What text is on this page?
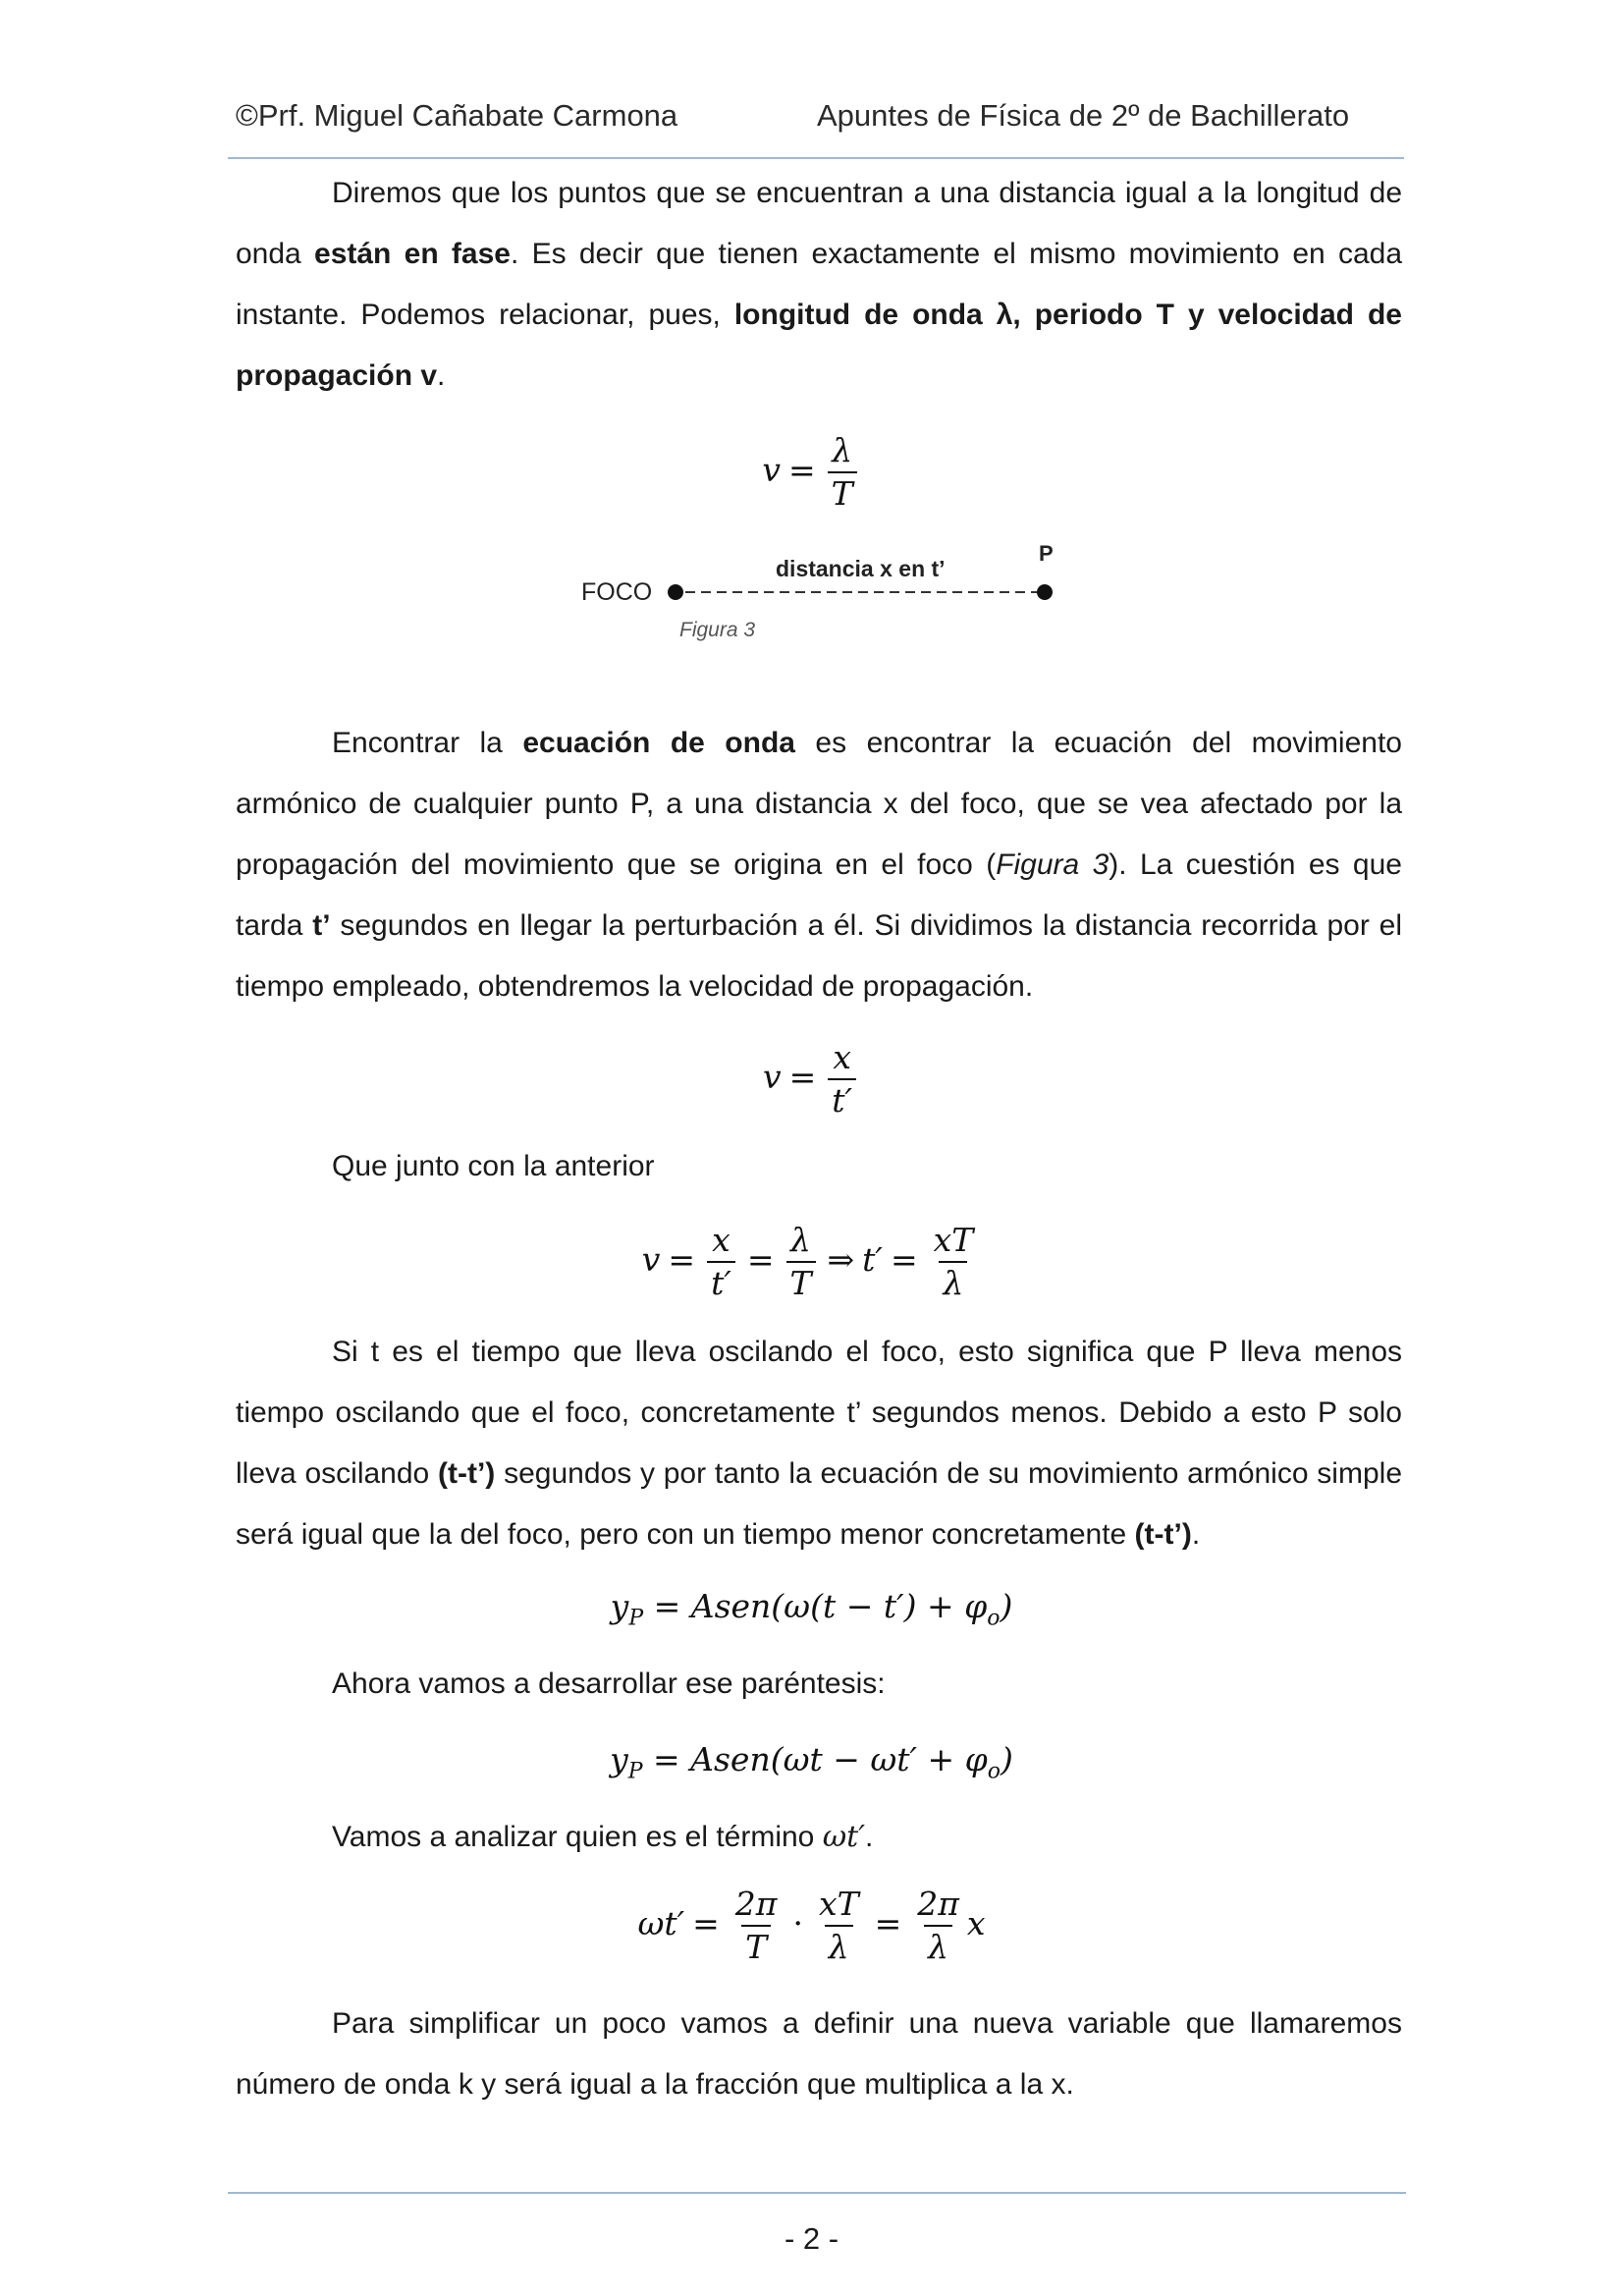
©Prf. Miguel Cañabate Carmona	Apuntes de Física de 2º de Bachillerato
Diremos que los puntos que se encuentran a una distancia igual a la longitud de onda están en fase. Es decir que tienen exactamente el mismo movimiento en cada instante. Podemos relacionar, pues, longitud de onda λ, periodo T y velocidad de propagación v.
$v = \frac{\lambda}{T}$
FOCO
P
distancia x en t’
Figura 3
Encontrar la ecuación de onda es encontrar la ecuación del movimiento armónico de cualquier punto P, a una distancia x del foco, que se vea afectado por la propagación del movimiento que se origina en el foco (Figura 3). La cuestión es que tarda t’ segundos en llegar la perturbación a él. Si dividimos la distancia recorrida por el tiempo empleado, obtendremos la velocidad de propagación.
$v = \frac{x}{t'}$
Que junto con la anterior
$v = \frac{x}{t'} = \frac{\lambda}{T}$ ⇒ $t' = \frac{xT}{\lambda}$
Si t es el tiempo que lleva oscilando el foco, esto significa que P lleva menos tiempo oscilando que el foco, concretamente t’ segundos menos. Debido a esto P solo lleva oscilando (t-t’) segundos y por tanto la ecuación de su movimiento armónico simple será igual que la del foco, pero con un tiempo menor concretamente (t-t’).
$y_P$ = Asen(ω(t − $t') + \varphi_o$)
Ahora vamos a desarrollar ese paréntesis:
$y_P$ = Asen(ωt − $\omega t' + \varphi_o$)
Vamos a analizar quien es el término ωt′.
$\omega t' = \frac{2\pi}{T} \cdot \frac{xT}{\lambda} = \frac{2\pi}{\lambda}$ x
Para simplificar un poco vamos a definir una nueva variable que llamaremos número de onda k y será igual a la fracción que multiplica a la x.
- 2 -
